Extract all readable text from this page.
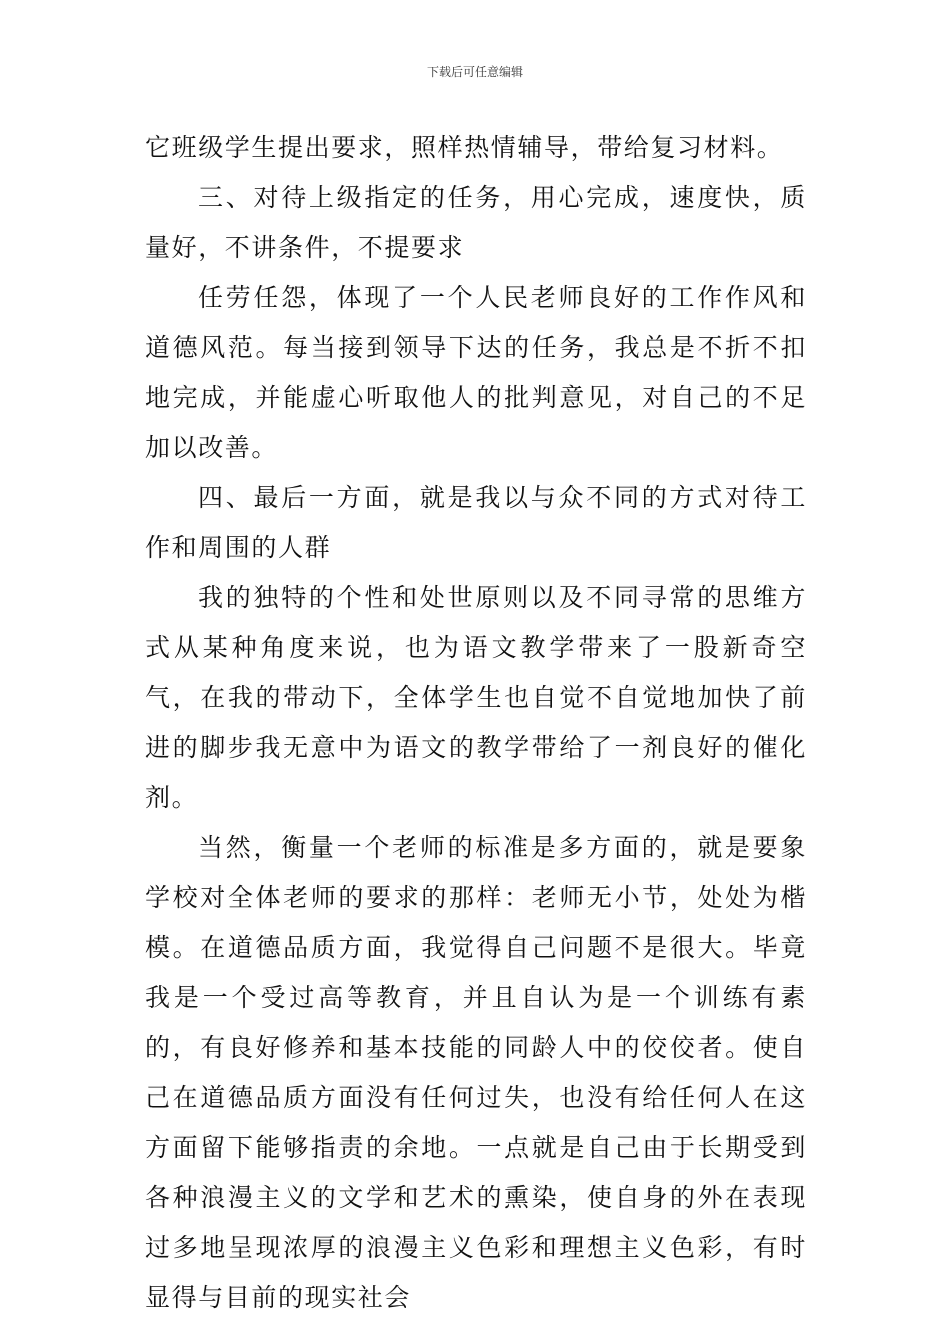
下载后可任意编辑

它班级学生提出要求，照样热情辅导，带给复习材料。

三、对待上级指定的任务，用心完成，速度快，质量好，不讲条件，不提要求

任劳任怨，体现了一个人民老师良好的工作作风和道德风范。每当接到领导下达的任务，我总是不折不扣地完成，并能虚心听取他人的批判意见，对自己的不足加以改善。

四、最后一方面，就是我以与众不同的方式对待工作和周围的人群

我的独特的个性和处世原则以及不同寻常的思维方式从某种角度来说，也为语文教学带来了一股新奇空气，在我的带动下，全体学生也自觉不自觉地加快了前进的脚步我无意中为语文的教学带给了一剂良好的催化剂。

当然，衡量一个老师的标准是多方面的，就是要象学校对全体老师的要求的那样：老师无小节，处处为楷模。在道德品质方面，我觉得自己问题不是很大。毕竟我是一个受过高等教育，并且自认为是一个训练有素的，有良好修养和基本技能的同龄人中的佼佼者。使自己在道德品质方面没有任何过失，也没有给任何人在这方面留下能够指责的余地。一点就是自己由于长期受到各种浪漫主义的文学和艺术的熏染，使自身的外在表现过多地呈现浓厚的浪漫主义色彩和理想主义色彩，有时显得与目前的现实社会
